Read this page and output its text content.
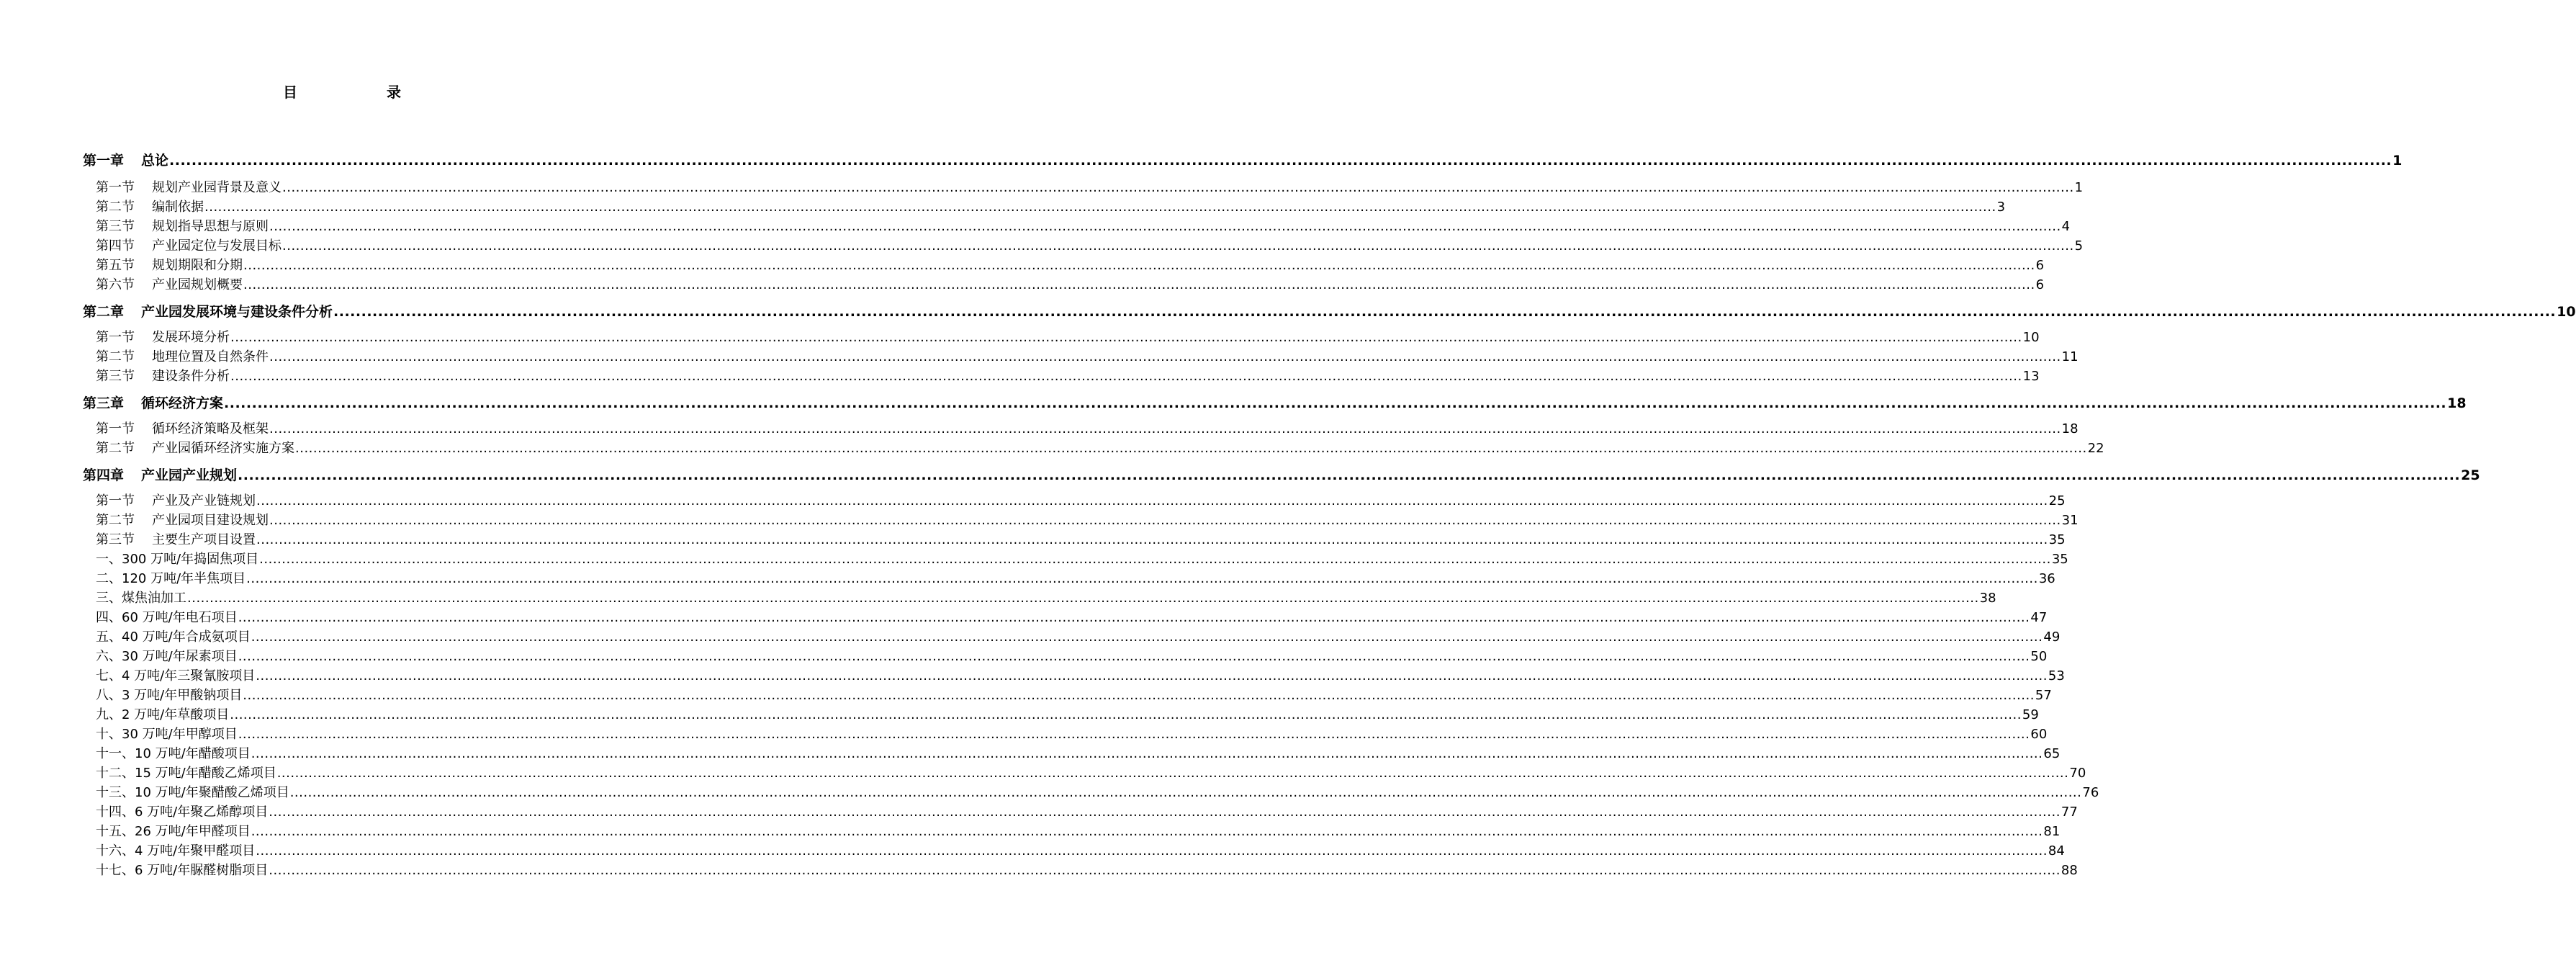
目　录
第一章 总论 ................................................................................................................................................................................................................................................................................................................................................................................................................ 1
第一节 规划产业园背景及意义 ................................................................................................................................................................................................................................................................................................................................................................................................................ 1
第二节 编制依据 ................................................................................................................................................................................................................................................................................................................................................................................................................ 3
第三节 规划指导思想与原则 ................................................................................................................................................................................................................................................................................................................................................................................................................ 4
第四节 产业园定位与发展目标 ................................................................................................................................................................................................................................................................................................................................................................................................................ 5
第五节 规划期限和分期 ................................................................................................................................................................................................................................................................................................................................................................................................................ 6
第六节 产业园规划概要 ................................................................................................................................................................................................................................................................................................................................................................................................................ 6
第二章 产业园发展环境与建设条件分析 ................................................................................................................................................................................................................................................................................................................................................................................................................ 10
第一节 发展环境分析 ................................................................................................................................................................................................................................................................................................................................................................................................................ 10
第二节 地理位置及自然条件 ................................................................................................................................................................................................................................................................................................................................................................................................................ 11
第三节 建设条件分析 ................................................................................................................................................................................................................................................................................................................................................................................................................ 13
第三章 循环经济方案 ................................................................................................................................................................................................................................................................................................................................................................................................................ 18
第一节 循环经济策略及框架 ................................................................................................................................................................................................................................................................................................................................................................................................................ 18
第二节 产业园循环经济实施方案 ................................................................................................................................................................................................................................................................................................................................................................................................................ 22
第四章 产业园产业规划 ................................................................................................................................................................................................................................................................................................................................................................................................................ 25
第一节 产业及产业链规划 ................................................................................................................................................................................................................................................................................................................................................................................................................ 25
第二节 产业园项目建设规划 ................................................................................................................................................................................................................................................................................................................................................................................................................ 31
第三节 主要生产项目设置 ................................................................................................................................................................................................................................................................................................................................................................................................................ 35
一、300 万吨/年捣固焦项目 ................................................................................................................................................................................................................................................................................................................................................................................................................ 35
二、120 万吨/年半焦项目 ................................................................................................................................................................................................................................................................................................................................................................................................................ 36
三、煤焦油加工 ................................................................................................................................................................................................................................................................................................................................................................................................................ 38
四、60 万吨/年电石项目 ................................................................................................................................................................................................................................................................................................................................................................................................................ 47
五、40 万吨/年合成氨项目 ................................................................................................................................................................................................................................................................................................................................................................................................................ 49
六、30 万吨/年尿素项目 ................................................................................................................................................................................................................................................................................................................................................................................................................ 50
七、4 万吨/年三聚氰胺项目 ................................................................................................................................................................................................................................................................................................................................................................................................................ 53
八、3 万吨/年甲酸钠项目 ................................................................................................................................................................................................................................................................................................................................................................................................................ 57
九、2 万吨/年草酸项目 ................................................................................................................................................................................................................................................................................................................................................................................................................ 59
十、30 万吨/年甲醇项目 ................................................................................................................................................................................................................................................................................................................................................................................................................ 60
十一、10 万吨/年醋酸项目 ................................................................................................................................................................................................................................................................................................................................................................................................................ 65
十二、15 万吨/年醋酸乙烯项目 ................................................................................................................................................................................................................................................................................................................................................................................................................ 70
十三、10 万吨/年聚醋酸乙烯项目 ................................................................................................................................................................................................................................................................................................................................................................................................................ 76
十四、6 万吨/年聚乙烯醇项目 ................................................................................................................................................................................................................................................................................................................................................................................................................ 77
十五、26 万吨/年甲醛项目 ................................................................................................................................................................................................................................................................................................................................................................................................................ 81
十六、4 万吨/年聚甲醛项目 ................................................................................................................................................................................................................................................................................................................................................................................................................ 84
十七、6 万吨/年脲醛树脂项目 ................................................................................................................................................................................................................................................................................................................................................................................................................ 88
